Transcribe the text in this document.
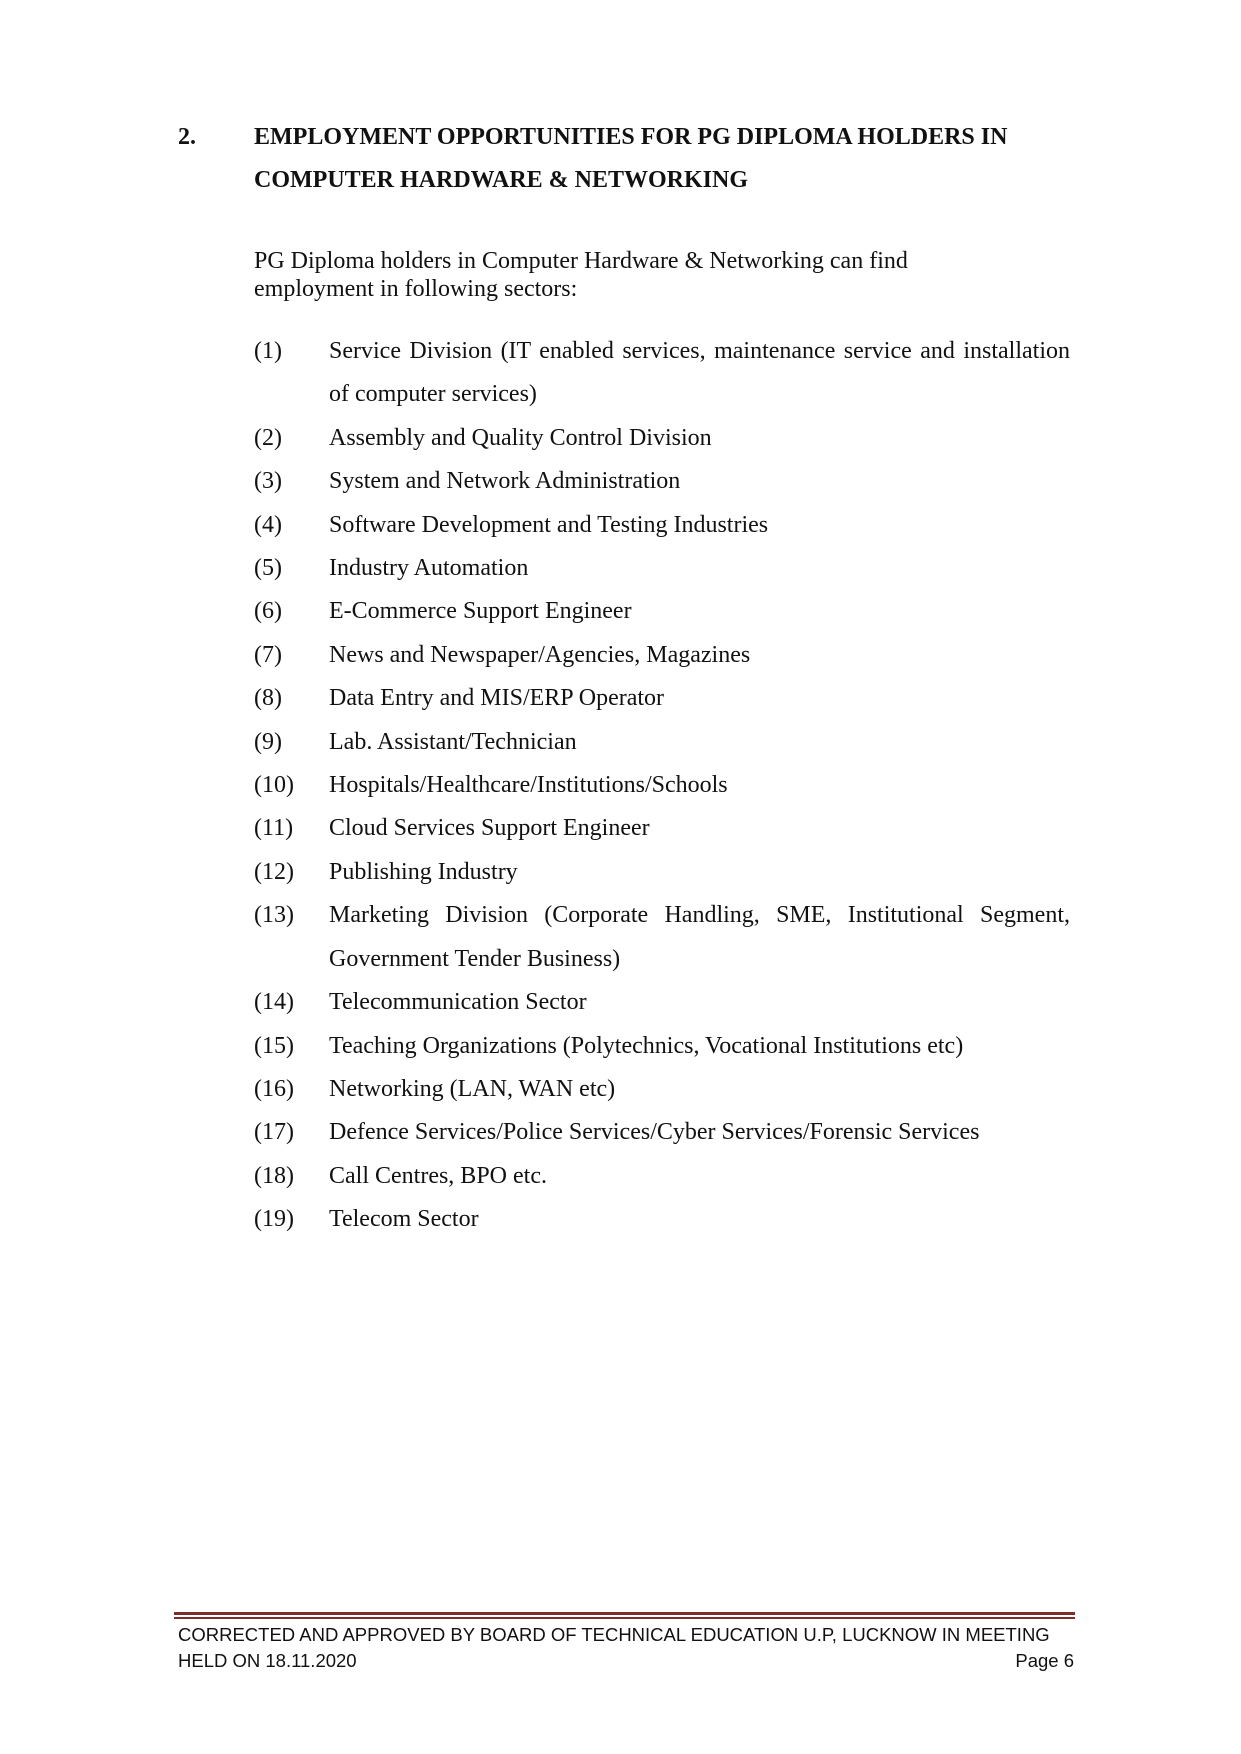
2. EMPLOYMENT OPPORTUNITIES FOR PG DIPLOMA HOLDERS IN
COMPUTER HARDWARE & NETWORKING
PG Diploma holders in Computer Hardware & Networking can find
employment in following sectors:
(1) Service Division (IT enabled services, maintenance service and installation of computer services)
(2) Assembly and Quality Control Division
(3) System and Network Administration
(4) Software Development and Testing Industries
(5) Industry Automation
(6) E-Commerce Support Engineer
(7) News and Newspaper/Agencies, Magazines
(8) Data Entry and MIS/ERP Operator
(9) Lab. Assistant/Technician
(10) Hospitals/Healthcare/Institutions/Schools
(11) Cloud Services Support Engineer
(12) Publishing Industry
(13) Marketing Division (Corporate Handling, SME, Institutional Segment, Government Tender Business)
(14) Telecommunication Sector
(15) Teaching Organizations (Polytechnics, Vocational Institutions etc)
(16) Networking (LAN, WAN etc)
(17) Defence Services/Police Services/Cyber Services/Forensic Services
(18) Call Centres, BPO etc.
(19) Telecom Sector
CORRECTED AND APPROVED BY BOARD OF TECHNICAL EDUCATION U.P, LUCKNOW IN MEETING
HELD ON 18.11.2020	Page 6
